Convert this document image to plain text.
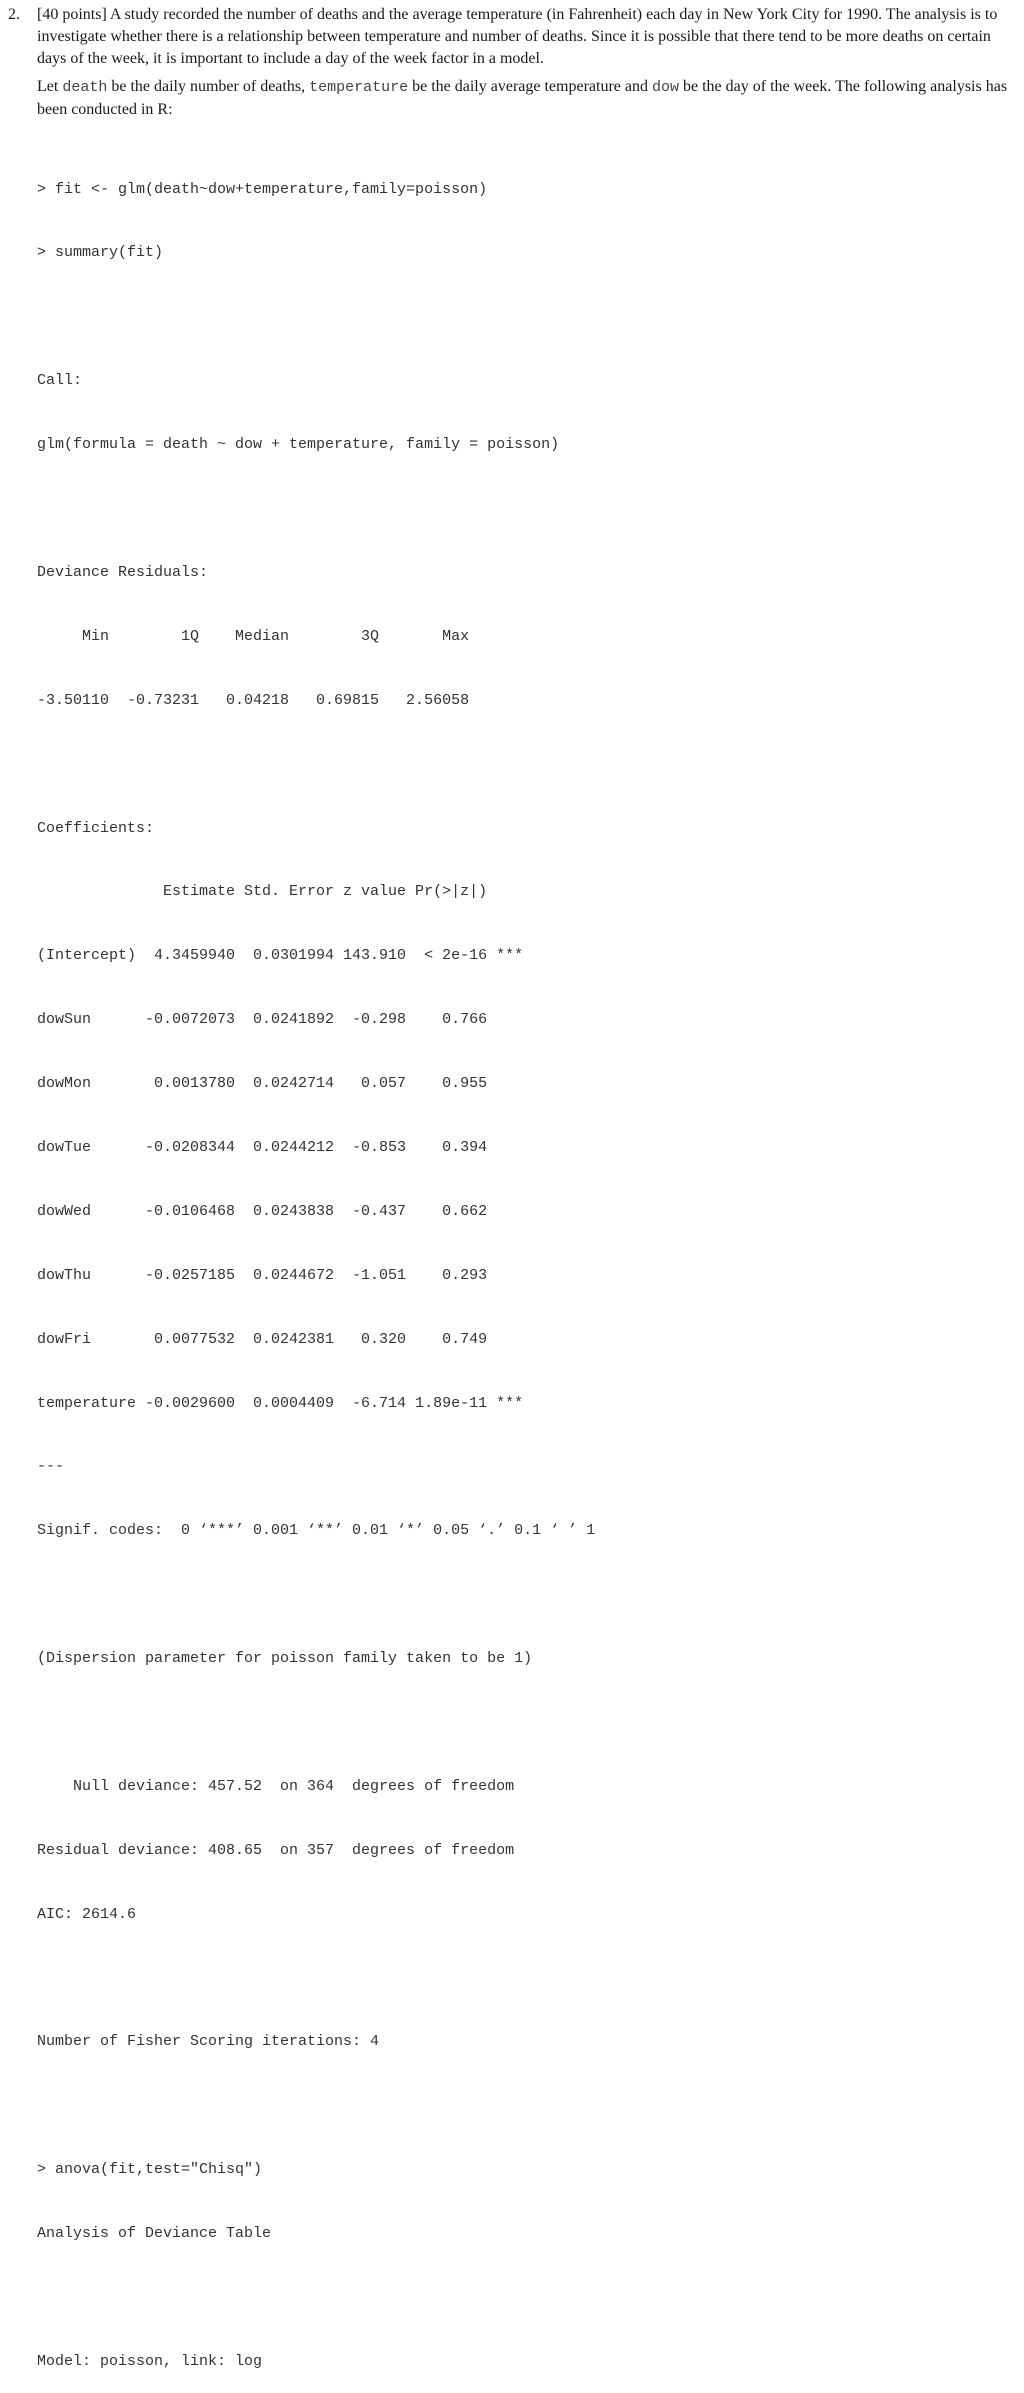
2. [40 points] A study recorded the number of deaths and the average temperature (in Fahrenheit) each day in New York City for 1990. The analysis is to investigate whether there is a relationship between temperature and number of deaths. Since it is possible that there tend to be more deaths on certain days of the week, it is important to include a day of the week factor in a model.

Let death be the daily number of deaths, temperature be the daily average temperature and dow be the day of the week. The following analysis has been conducted in R:

> fit <- glm(death~dow+temperature,family=poisson)

> summary(fit)

Call:

glm(formula = death ~ dow + temperature, family = poisson)

Deviance Residuals:

Min        1Q    Median        3Q       Max

-3.50110  -0.73231   0.04218   0.69815   2.56058

Coefficients:

Estimate Std. Error z value Pr(>|z|)

(Intercept)  4.3459940  0.0301994 143.910  < 2e-16 ***

dowSun      -0.0072073  0.0241892  -0.298    0.766

dowMon       0.0013780  0.0242714   0.057    0.955

dowTue      -0.0208344  0.0244212  -0.853    0.394

dowWed      -0.0106468  0.0243838  -0.437    0.662

dowThu      -0.0257185  0.0244672  -1.051    0.293

dowFri       0.0077532  0.0242381   0.320    0.749

temperature -0.0029600  0.0004409  -6.714 1.89e-11 ***

---

Signif. codes:  0 ‘***’ 0.001 ‘**’ 0.01 ‘*’ 0.05 ‘.’ 0.1 ‘ ’ 1

(Dispersion parameter for poisson family taken to be 1)

Null deviance: 457.52  on 364  degrees of freedom

Residual deviance: 408.65  on 357  degrees of freedom

AIC: 2614.6

Number of Fisher Scoring iterations: 4

> anova(fit,test="Chisq")

Analysis of Deviance Table

Model: poisson, link: log
